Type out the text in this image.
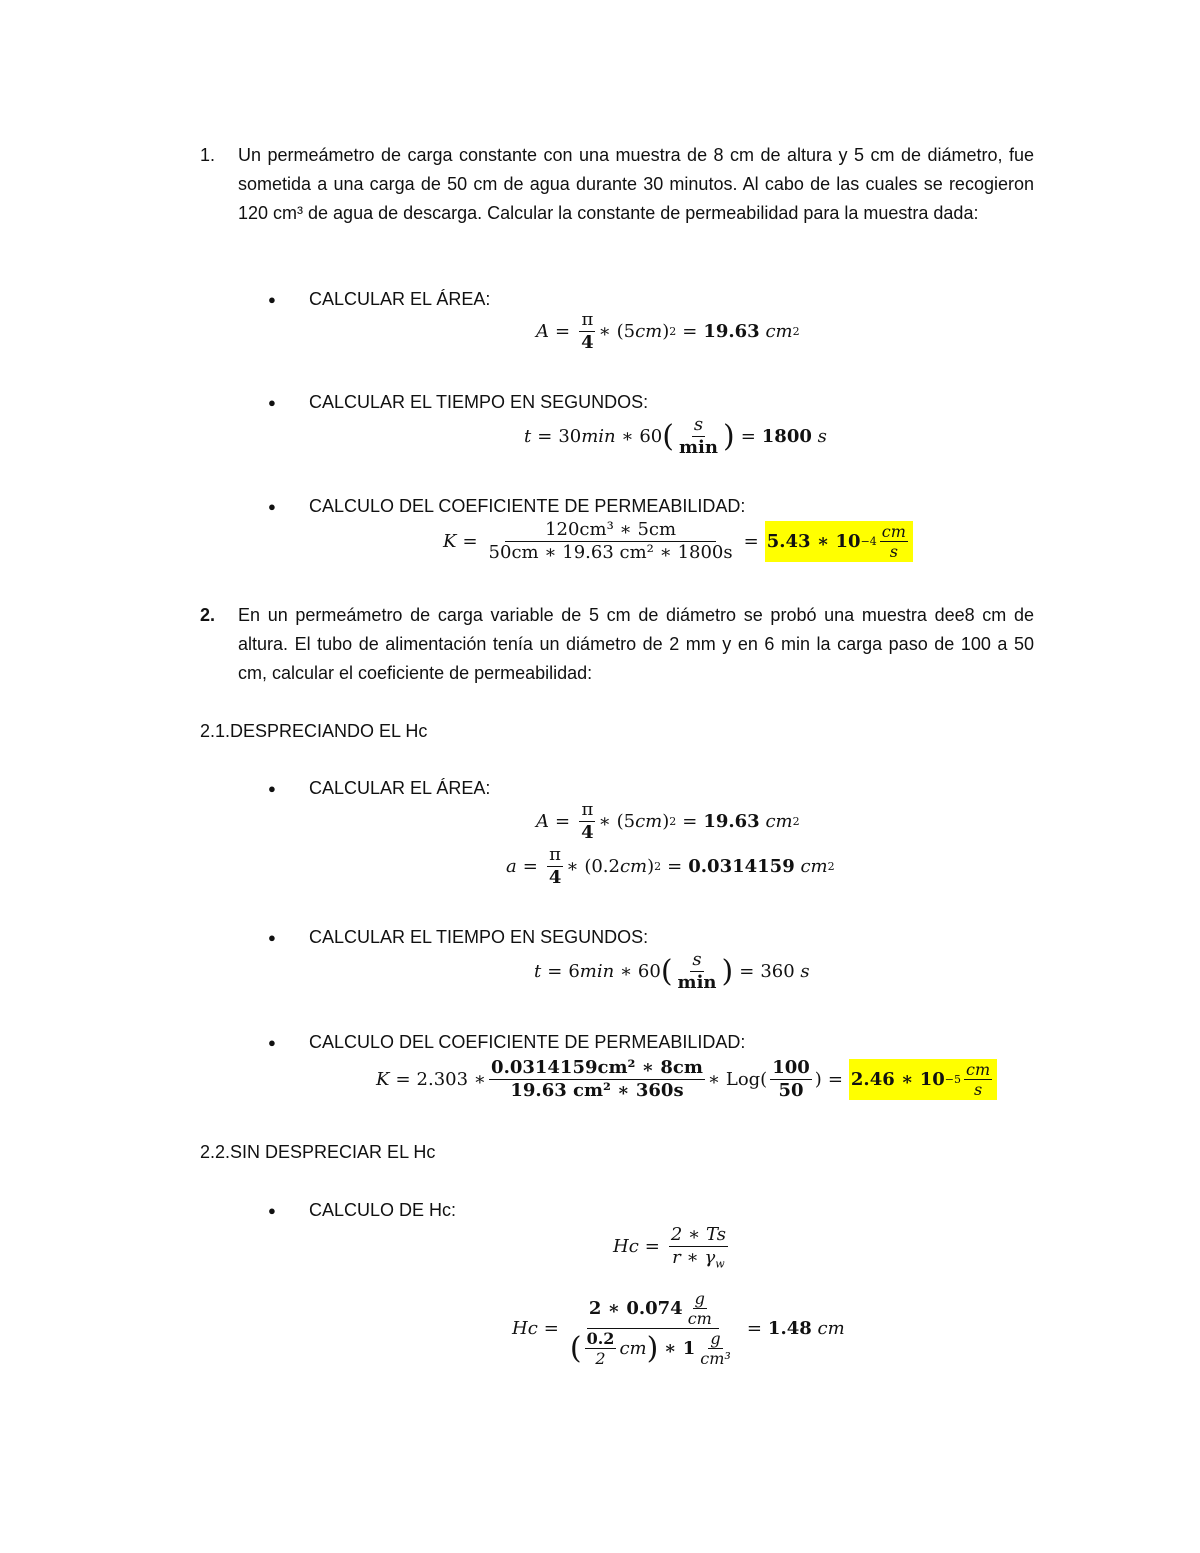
1. Un permeámetro de carga constante con una muestra de 8 cm de altura y 5 cm de diámetro, fue sometida a una carga de 50 cm de agua durante 30 minutos. Al cabo de las cuales se recogieron 120 cm³ de agua de descarga. Calcular la constante de permeabilidad para la muestra dada:
● CALCULAR EL ÁREA:
$A = \frac{\pi}{4}$ ∗ (5 cm ) 2 = 19.63
cm 2
● CALCULAR EL TIEMPO EN SEGUNDOS:
t = 30 min
∗ 60 ( $\frac{s}{\min}$ ) = 1800
s
● CALCULO DEL COEFICIENTE DE PERMEABILIDAD:
$K = \frac{\text{120cm³ ∗ 5cm}}{\text{50cm ∗ 19.63 cm² ∗ 1800s}} = 5.43$ ∗ $10 -4 \frac{cm}{s}$
2. En un permeámetro de carga variable de 5 cm de diámetro se probó una muestra dee8 cm de altura. El tubo de alimentación tenía un diámetro de 2 mm y en 6 min la carga paso de 100 a 50 cm, calcular el coeficiente de permeabilidad:
2.1.DESPRECIANDO EL Hc
● CALCULAR EL ÁREA:
$A = \frac{\pi}{4}$ ∗ (5 cm ) 2 = 19.63
cm 2
$a = \frac{\pi}{4}$ ∗ (0.2 cm ) 2 = 0.0314159
cm 2
● CALCULAR EL TIEMPO EN SEGUNDOS:
t = 6 min
∗ 60 ( $\frac{s}{\min}$ ) = 360
s
● CALCULO DEL COEFICIENTE DE PERMEABILIDAD:
K = 2.303 ∗ $\frac{\text{0.0314159cm² ∗ 8cm}}{\text{19.63 cm² ∗ 360s}}$ ∗ $Log( \frac{100}{50}$ ) = 2.46 ∗ $10 -5 \frac{cm}{s}$
2.2.SIN DESPRECIAR EL Hc
● CALCULO DE Hc:
$Hc = \frac{2 ∗ Ts}{r ∗ \gamma_w}$
Hc = 2 ∗ $0.074 \frac{g}{cm}$
( $\frac{0.2}{2}$ cm )
∗ $1 \frac{g}{\text{cm³}} = 1.48$
cm
